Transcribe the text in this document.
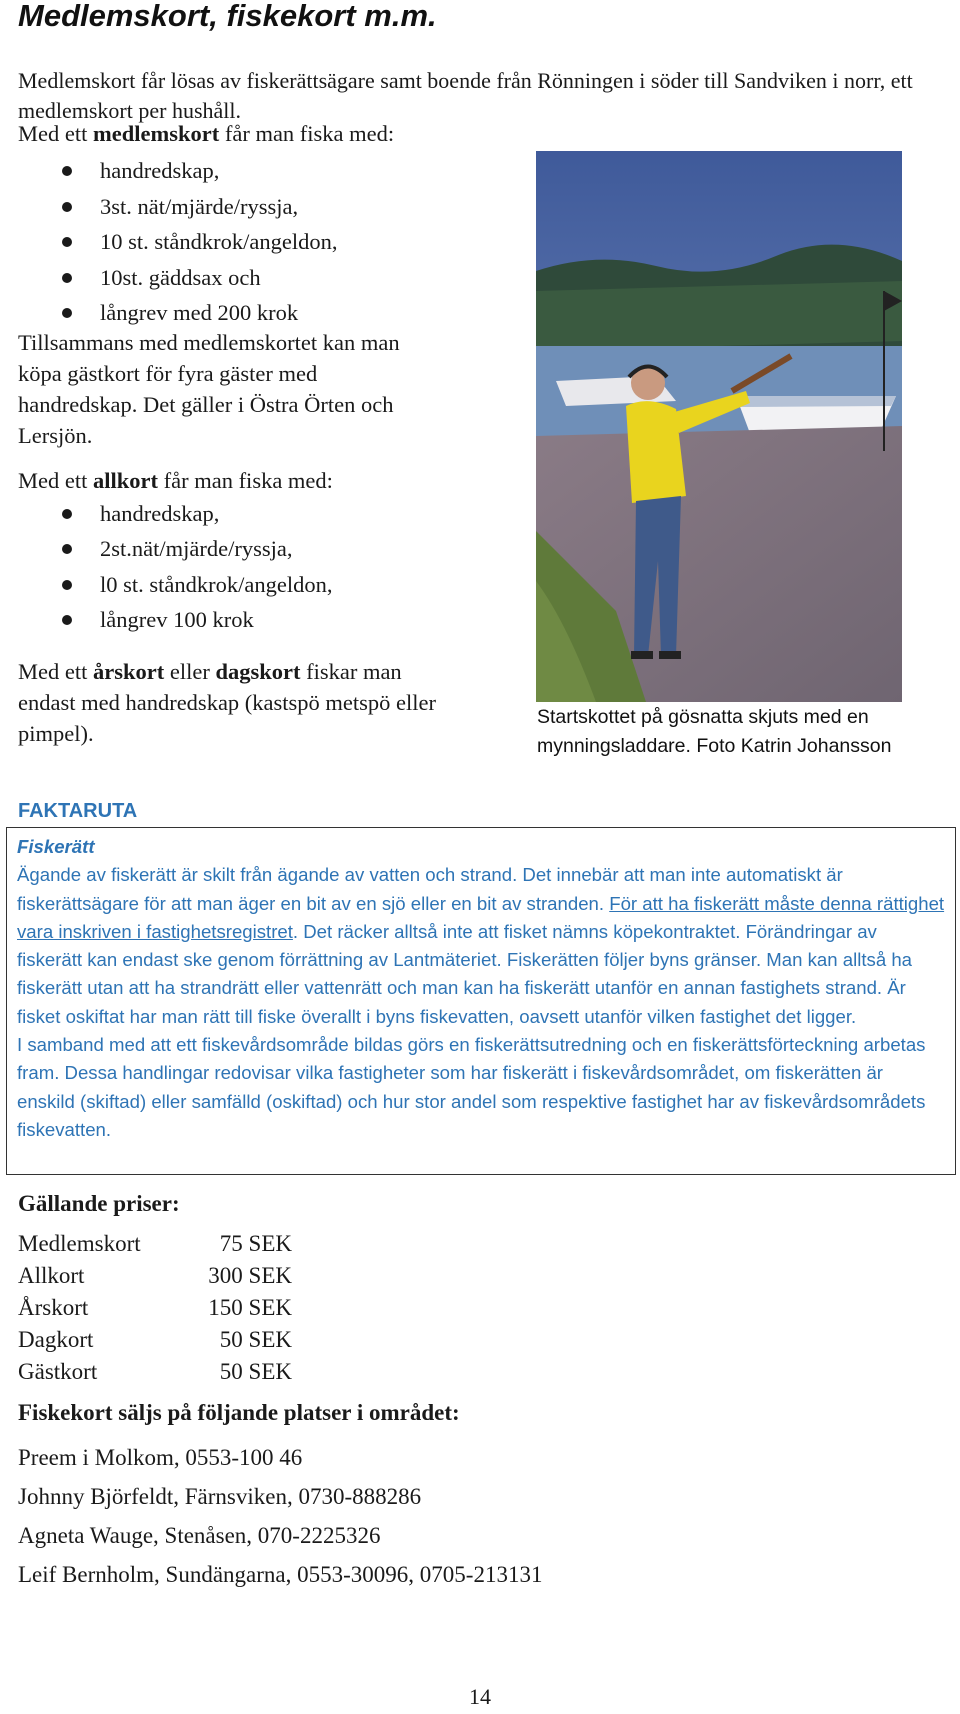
Medlemskort, fiskekort m.m.

Medlemskort får lösas av fiskerättsägare samt boende från Rönningen i söder till Sandviken i norr, ett medlemskort per hushåll.

Med ett medlemskort får man fiska med:

handredskap,
3st. nät/mjärde/ryssja,
10 st. ståndkrok/angeldon,
10st. gäddsax och
långrev med 200 krok

Tillsammans med medlemskortet kan man köpa gästkort för fyra gäster med handredskap. Det gäller i Östra Örten och Lersjön.

Med ett allkort får man fiska med:

handredskap,
2st.nät/mjärde/ryssja,
l0 st. ståndkrok/angeldon,
långrev 100 krok

Med ett årskort eller dagskort fiskar man endast med handredskap (kastspö metspö eller pimpel).

Startskottet på gösnatta skjuts med en mynningsladdare. Foto Katrin Johansson
FAKTARUTA
Fiskerätt

Ägande av fiskerätt är skilt från ägande av vatten och strand. Det innebär att man inte automatiskt är fiskerättsägare för att man äger en bit av en sjö eller en bit av stranden. För att ha fiskerätt måste denna rättighet vara inskriven i fastighetsregistret. Det räcker alltså inte att fisket nämns köpekontraktet. Förändringar av fiskerätt kan endast ske genom förrättning av Lantmäteriet. Fiskerätten följer byns gränser. Man kan alltså ha fiskerätt utan att ha strandrätt eller vattenrätt och man kan ha fiskerätt utanför en annan fastighets strand. Är fisket oskiftat har man rätt till fiske överallt i byns fiskevatten, oavsett utanför vilken fastighet det ligger.

I samband med att ett fiskevårdsområde bildas görs en fiskerättsutredning och en fiskerättsförteckning arbetas fram. Dessa handlingar redovisar vilka fastigheter som har fiskerätt i fiskevårdsområdet, om fiskerätten är enskild (skiftad) eller samfälld (oskiftad) och hur stor andel som respektive fastighet har av fiskevårdsområdets fiskevatten.

Gällande priser:
Medlemskort	75 SEK
Allkort	300 SEK
Årskort	150 SEK
Dagkort	50 SEK
Gästkort	50 SEK
Fiskekort säljs på följande platser i området:
Preem i Molkom, 0553-100 46
Johnny Björfeldt, Färnsviken, 0730-888286
Agneta Wauge, Stenåsen, 070-2225326
Leif Bernholm, Sundängarna, 0553-30096, 0705-213131
14
